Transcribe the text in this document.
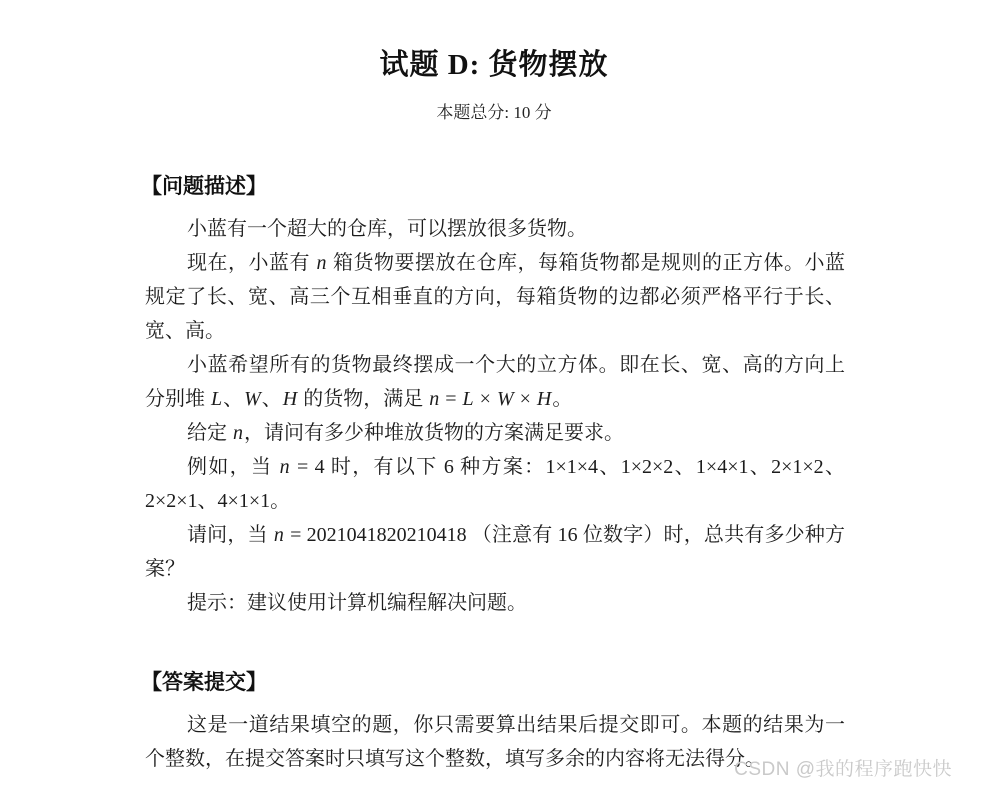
试题 D: 货物摆放
本题总分: 10 分
【问题描述】

小蓝有一个超大的仓库，可以摆放很多货物。

现在，小蓝有 n 箱货物要摆放在仓库，每箱货物都是规则的正方体。小蓝规定了长、宽、高三个互相垂直的方向，每箱货物的边都必须严格平行于长、宽、高。

小蓝希望所有的货物最终摆成一个大的立方体。即在长、宽、高的方向上分别堆 L、W、H 的货物，满足 n = L × W × H。

给定 n，请问有多少种堆放货物的方案满足要求。

例如，当 n = 4 时，有以下 6 种方案：1×1×4、1×2×2、1×4×1、2×1×2、2×2×1、4×1×1。

请问，当 n = 2021041820210418 （注意有 16 位数字）时，总共有多少种方案？

提示：建议使用计算机编程解决问题。

【答案提交】

这是一道结果填空的题，你只需要算出结果后提交即可。本题的结果为一个整数，在提交答案时只填写这个整数，填写多余的内容将无法得分。

CSDN @我的程序跑快快
